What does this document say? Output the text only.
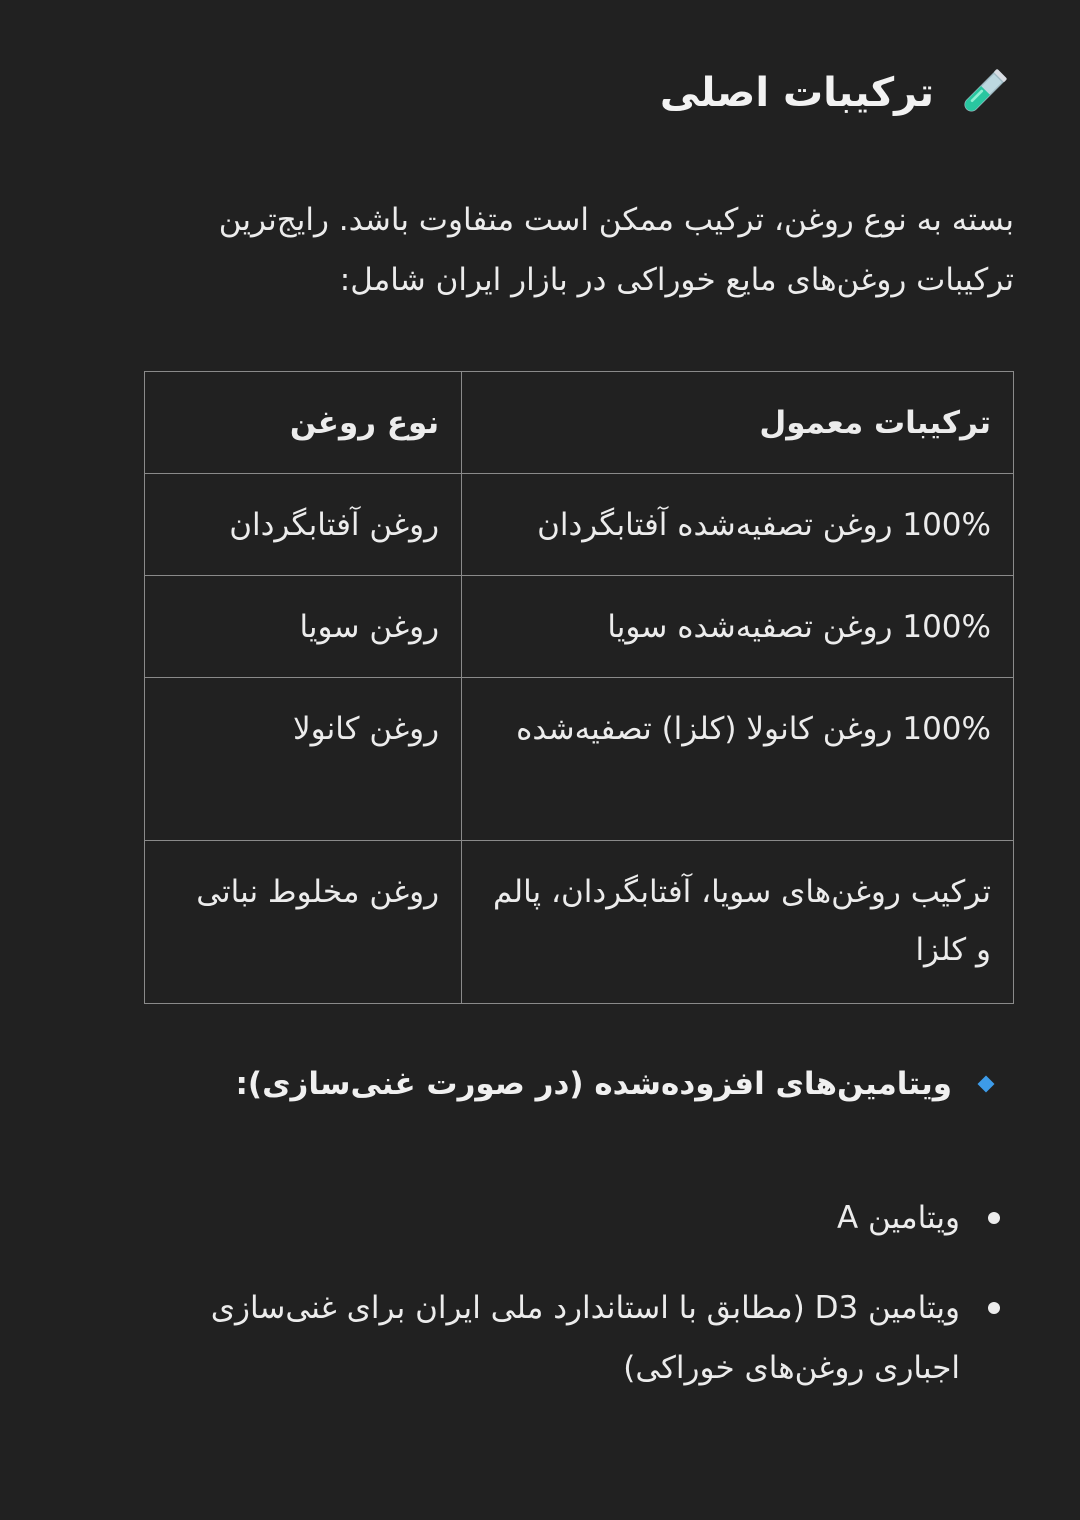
ترکیبات اصلی

بسته به نوع روغن، ترکیب ممکن است متفاوت باشد. رایج‌ترین ترکیبات روغن‌های مایع خوراکی در بازار ایران شامل:

ترکیبات معمول	نوع روغن
100% روغن تصفیه‌شده آفتابگردان	روغن آفتابگردان
100% روغن تصفیه‌شده سویا	روغن سویا
100% روغن کانولا (کلزا) تصفیه‌شده	روغن کانولا
ترکیب روغن‌های سویا، آفتابگردان، پالم و کلزا	روغن مخلوط نباتی
ویتامین‌های افزوده‌شده (در صورت غنی‌سازی):
ویتامین A
ویتامین D3 (مطابق با استاندارد ملی ایران برای غنی‌سازی اجباری روغن‌های خوراکی)
